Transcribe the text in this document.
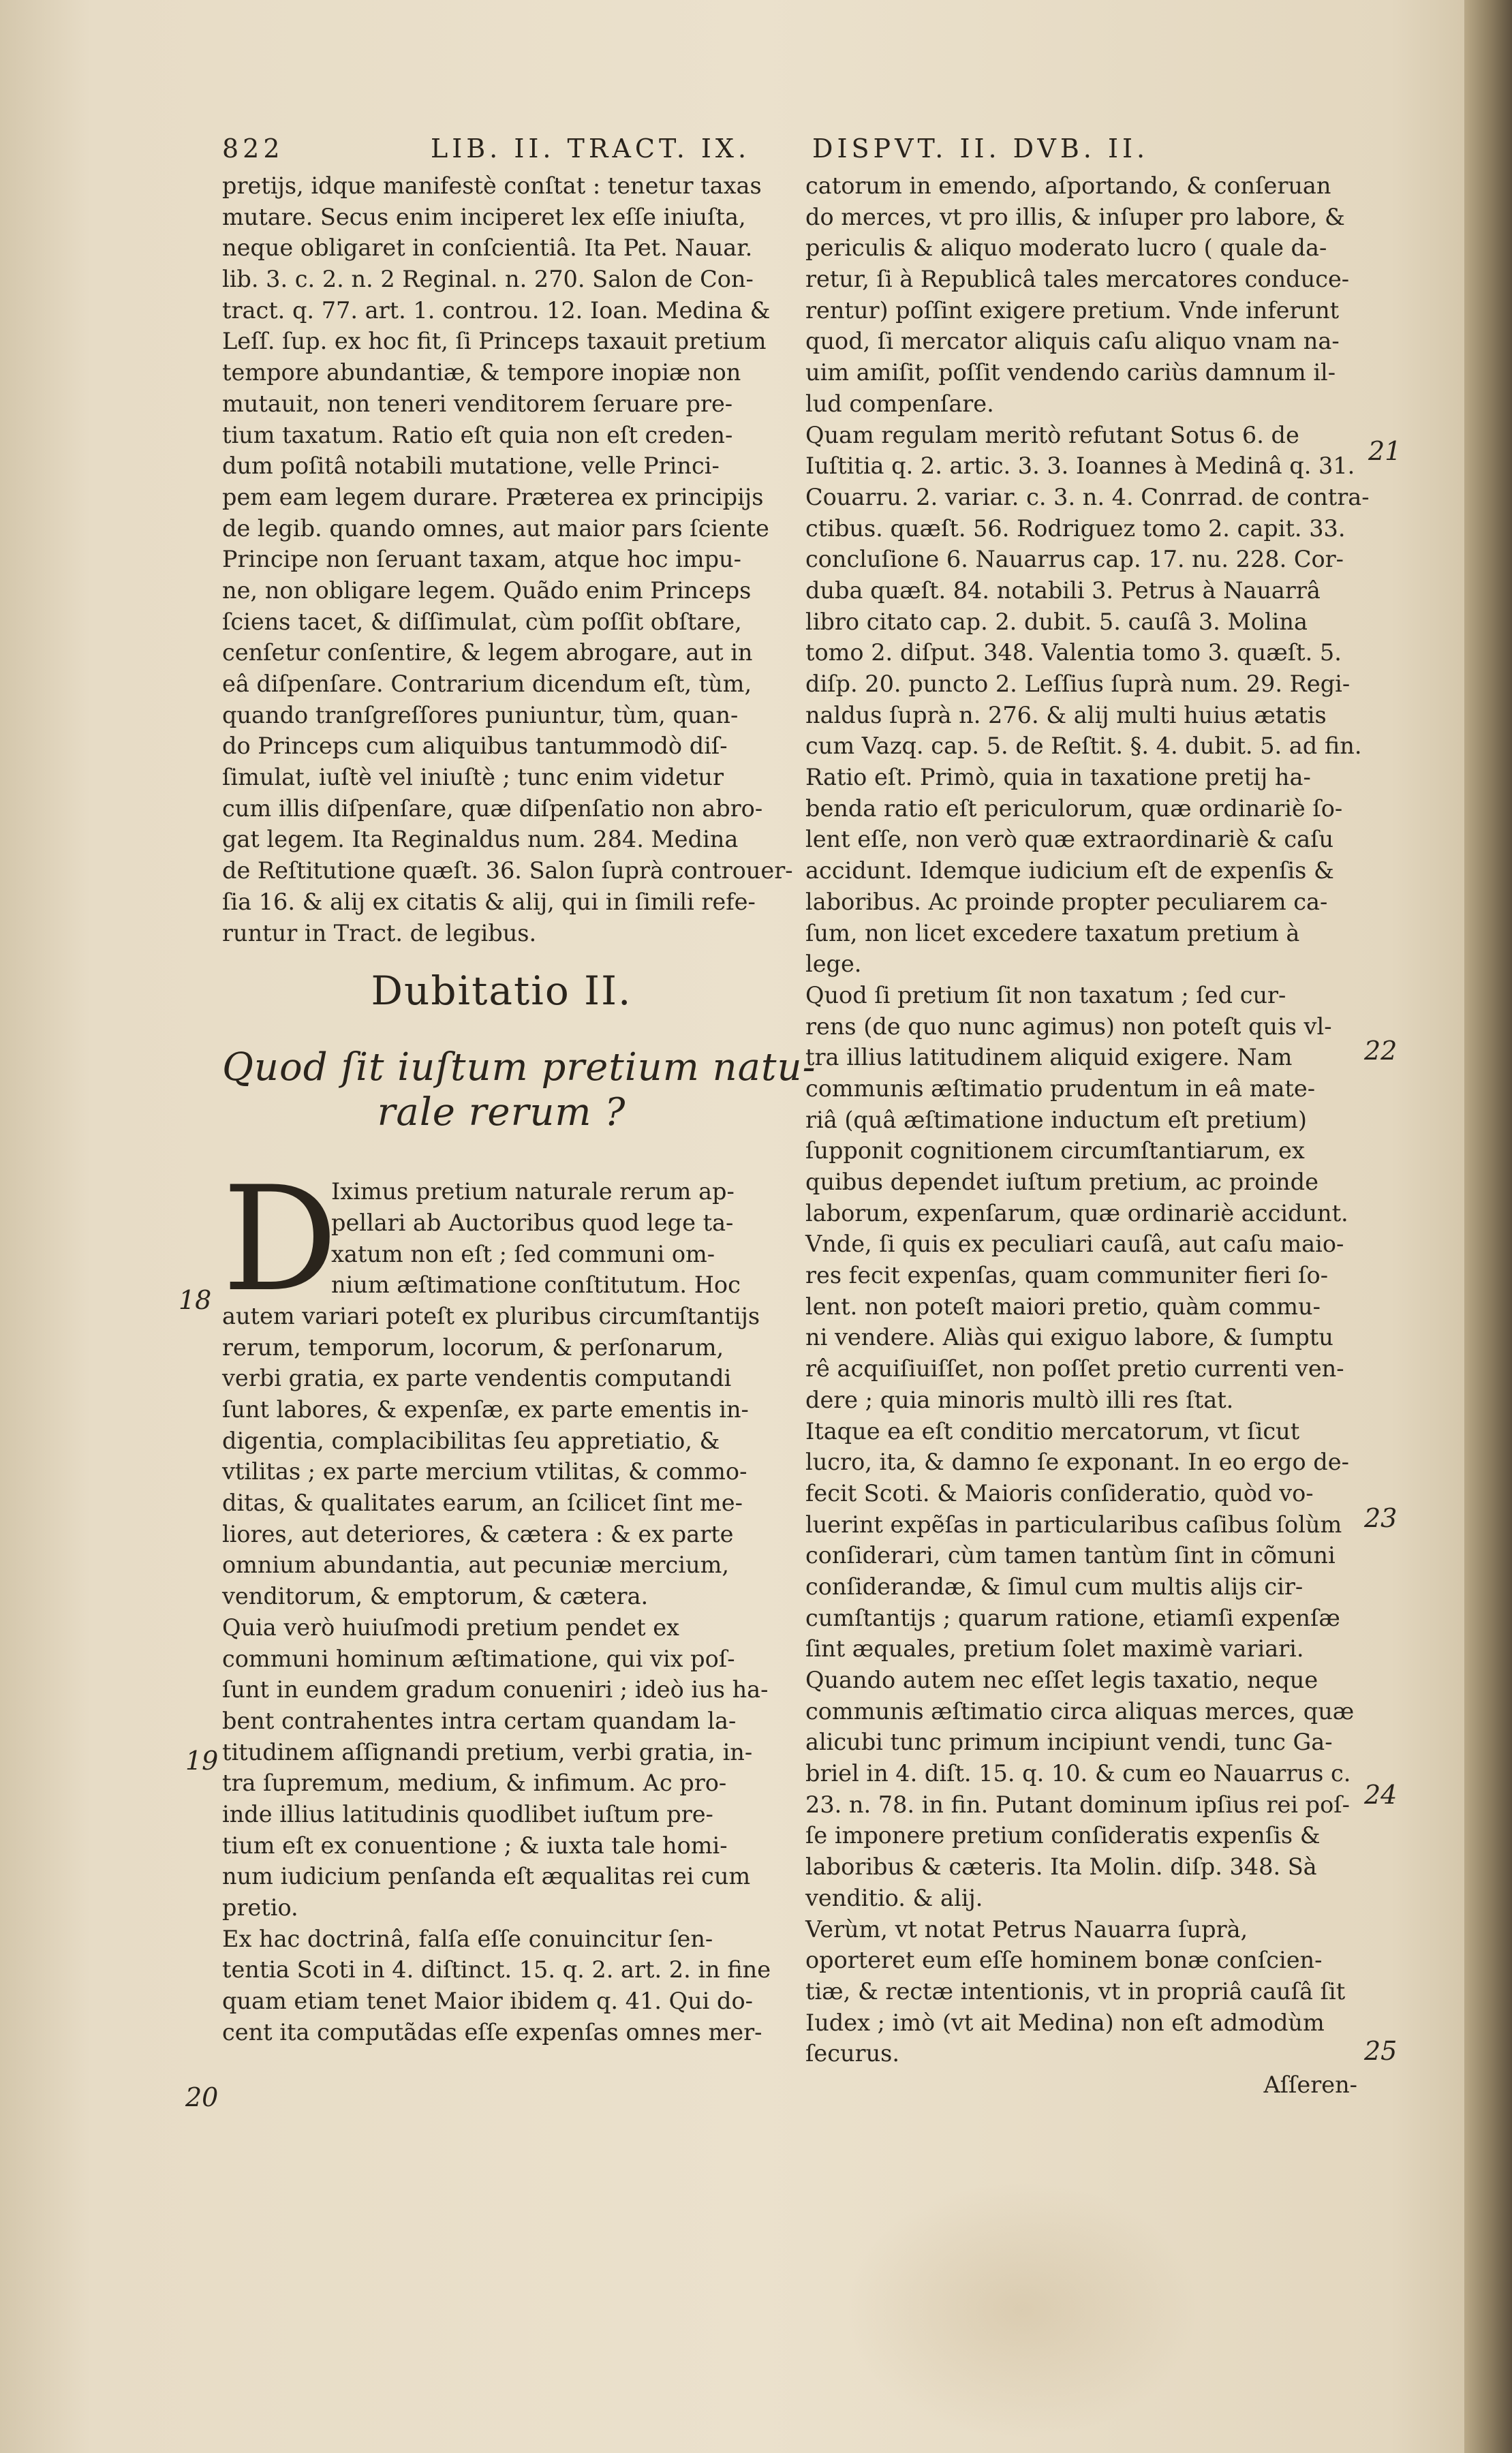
822	LIB. II. TRACT. IX. DISPVT. II. DVB. II.
pretijs, idque manifestè conſtat : tenetur taxas
mutare. Secus enim inciperet lex eſſe iniuſta,
neque obligaret in conſcientiâ. Ita Pet. Nauar.
lib. 3. c. 2. n. 2 Reginal. n. 270. Salon de Con-
tract. q. 77. art. 1. controu. 12. Ioan. Medina &
Leſſ. ſup. ex hoc fit, ſi Princeps taxauit pretium
tempore abundantiæ, & tempore inopiæ non
mutauit, non teneri venditorem ſeruare pre-
tium taxatum. Ratio eſt quia non eſt creden-
dum poſitâ notabili mutatione, velle Princi-
pem eam legem durare. Præterea ex principijs
de legib. quando omnes, aut maior pars ſciente
Principe non ſeruant taxam, atque hoc impu-
ne, non obligare legem. Quãdo enim Princeps
ſciens tacet, & diſſimulat, cùm poſſit obſtare,
cenſetur conſentire, & legem abrogare, aut in
eâ diſpenſare. Contrarium dicendum eſt, tùm,
quando tranſgreſſores puniuntur, tùm, quan-
do Princeps cum aliquibus tantummodò diſ-
ſimulat, iuſtè vel iniuſtè ; tunc enim videtur
cum illis diſpenſare, quæ diſpenſatio non abro-
gat legem. Ita Reginaldus num. 284. Medina
de Reſtitutione quæſt. 36. Salon ſuprà controuer-
ſia 16. & alij ex citatis & alij, qui in ſimili refe-
runtur in Tract. de legibus.
Dubitatio II.
Quod ſit iuſtum pretium natu-
rale rerum ?
D
Iximus pretium naturale rerum ap-
pellari ab Auctoribus quod lege ta-
xatum non eſt ; ſed communi om-
nium æſtimatione conſtitutum. Hoc
autem variari poteſt ex pluribus circumſtantijs
rerum, temporum, locorum, & perſonarum,
verbi gratia, ex parte vendentis computandi
ſunt labores, & expenſæ, ex parte ementis in-
digentia, complacibilitas ſeu appretiatio, &
vtilitas ; ex parte mercium vtilitas, & commo-
ditas, & qualitates earum, an ſcilicet ſint me-
liores, aut deteriores, & cætera : & ex parte
omnium abundantia, aut pecuniæ mercium,
venditorum, & emptorum, & cætera.
Quia verò huiuſmodi pretium pendet ex
communi hominum æſtimatione, qui vix poſ-
ſunt in eundem gradum conueniri ; ideò ius ha-
bent contrahentes intra certam quandam la-
titudinem aſſignandi pretium, verbi gratia, in-
tra ſupremum, medium, & infimum. Ac pro-
inde illius latitudinis quodlibet iuſtum pre-
tium eſt ex conuentione ; & iuxta tale homi-
num iudicium penſanda eſt æqualitas rei cum
pretio.
Ex hac doctrinâ, falſa eſſe conuincitur ſen-
tentia Scoti in 4. diſtinct. 15. q. 2. art. 2. in fine
quam etiam tenet Maior ibidem q. 41. Qui do-
cent ita computãdas eſſe expenſas omnes mer-
18
19
20
catorum in emendo, aſportando, & conſeruan
do merces, vt pro illis, & inſuper pro labore, &
periculis & aliquo moderato lucro ( quale da-
retur, ſi à Republicâ tales mercatores conduce-
rentur) poſſint exigere pretium. Vnde inferunt
quod, ſi mercator aliquis caſu aliquo vnam na-
uim amiſit, poſſit vendendo cariùs damnum il-
lud compenſare.
Quam regulam meritò refutant Sotus 6. de
Iuſtitia q. 2. artic. 3. 3. Ioannes à Medinâ q. 31.
Couarru. 2. variar. c. 3. n. 4. Conrrad. de contra-
ctibus. quæſt. 56. Rodriguez tomo 2. capit. 33.
concluſione 6. Nauarrus cap. 17. nu. 228. Cor-
duba quæſt. 84. notabili 3. Petrus à Nauarrâ
libro citato cap. 2. dubit. 5. cauſâ 3. Molina
tomo 2. diſput. 348. Valentia tomo 3. quæſt. 5.
diſp. 20. puncto 2. Leſſius ſuprà num. 29. Regi-
naldus ſuprà n. 276. & alij multi huius ætatis
cum Vazq. cap. 5. de Reſtit. §. 4. dubit. 5. ad fin.
Ratio eſt. Primò, quia in taxatione pretij ha-
benda ratio eſt periculorum, quæ ordinariè ſo-
lent eſſe, non verò quæ extraordinariè & caſu
accidunt. Idemque iudicium eſt de expenſis &
laboribus. Ac proinde propter peculiarem ca-
ſum, non licet excedere taxatum pretium à
lege.
Quod ſi pretium ſit non taxatum ; ſed cur-
rens (de quo nunc agimus) non poteſt quis vl-
tra illius latitudinem aliquid exigere. Nam
communis æſtimatio prudentum in eâ mate-
riâ (quâ æſtimatione inductum eſt pretium)
ſupponit cognitionem circumſtantiarum, ex
quibus dependet iuſtum pretium, ac proinde
laborum, expenſarum, quæ ordinariè accidunt.
Vnde, ſi quis ex peculiari cauſâ, aut caſu maio-
res fecit expenſas, quam communiter fieri ſo-
lent. non poteſt maiori pretio, quàm commu-
ni vendere. Aliàs qui exiguo labore, & ſumptu
rê acquiſiuiſſet, non poſſet pretio currenti ven-
dere ; quia minoris multò illi res ſtat.
Itaque ea eſt conditio mercatorum, vt ſicut
lucro, ita, & damno ſe exponant. In eo ergo de-
fecit Scoti. & Maioris conſideratio, quòd vo-
luerint expẽſas in particularibus caſibus ſolùm
conſiderari, cùm tamen tantùm ſint in cõmuni
conſiderandæ, & ſimul cum multis alijs cir-
cumſtantijs ; quarum ratione, etiamſi expenſæ
ſint æquales, pretium ſolet maximè variari.
Quando autem nec eſſet legis taxatio, neque
communis æſtimatio circa aliquas merces, quæ
alicubi tunc primum incipiunt vendi, tunc Ga-
briel in 4. diſt. 15. q. 10. & cum eo Nauarrus c.
23. n. 78. in fin. Putant dominum ipſius rei poſ-
ſe imponere pretium conſideratis expenſis &
laboribus & cæteris. Ita Molin. diſp. 348. Sà
venditio. & alij.
Verùm, vt notat Petrus Nauarra ſuprà,
oporteret eum eſſe hominem bonæ conſcien-
tiæ, & rectæ intentionis, vt in propriâ cauſâ ſit
Iudex ; imò (vt ait Medina) non eſt admodùm
ſecurus.
Aſſeren-
21
22
23
24
25
